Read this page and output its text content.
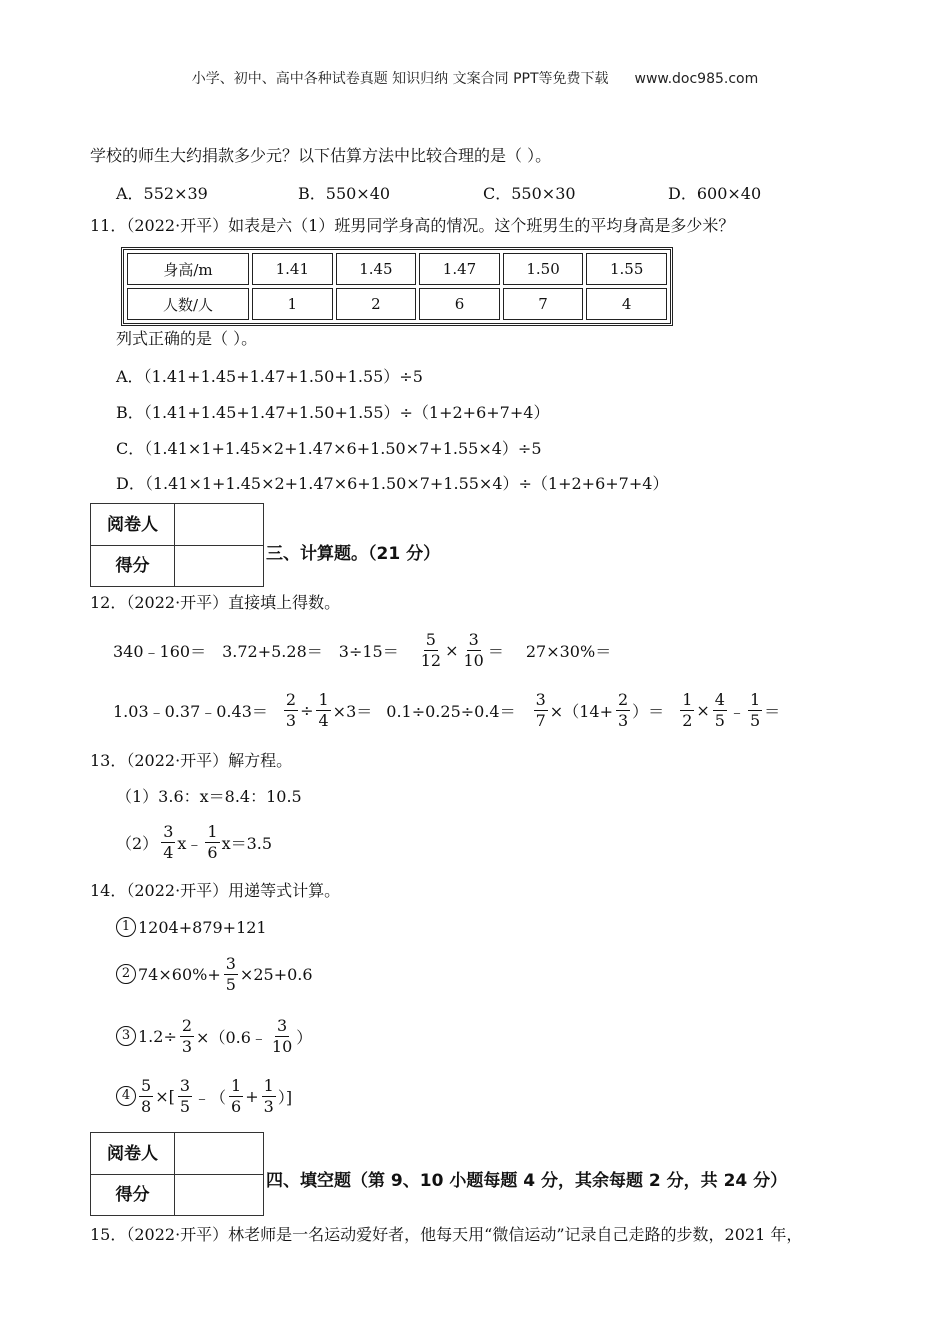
小学、初中、高中各种试卷真题 知识归纳 文案合同 PPT等免费下载 www.doc985.com
学校的师生大约捐款多少元？以下估算方法中比较合理的是（ ）。
A．552×39	B．550×40	C．550×30	D．600×40
11．（2022·开平）如表是六（1）班男同学身高的情况。这个班男生的平均身高是多少米？
身高/m	1.41	1.45	1.47	1.50	1.55
人数/人	1	2	6	7	4
列式正确的是（ ）。
A．（1.41+1.45+1.47+1.50+1.55）÷5
B．（1.41+1.45+1.47+1.50+1.55）÷（1+2+6+7+4）
C．（1.41×1+1.45×2+1.47×6+1.50×7+1.55×4）÷5
D．（1.41×1+1.45×2+1.47×6+1.50×7+1.55×4）÷（1+2+6+7+4）
阅卷人
得分
三、计算题。（21 分）
12．（2022·开平）直接填上得数。
340﹣160＝ $3.72+5.28= 3\div 15= \frac{5}{12} \times \frac{3}{10} = 27\times 30\%=$
1.03﹣0.37﹣0.43＝ $\frac{2}{3} \div \frac{1}{4} \times 3= 0.1\div 0.25\div 0.4= \frac{3}{7} \times(14+ \frac{2}{3}$ ）＝ $\frac{1}{2} \times \frac{4}{5}$ ﹣ $\frac{1}{5}$ ＝
13．（2022·开平）解方程。
（1）3.6：x＝8.4：10.5
$(2) \frac{3}{4}$ x﹣ $\frac{1}{6} x=3.5$
14．（2022·开平）用递等式计算。
1 1204+879+121
2 $74\times 60\%+ \frac{3}{5} \times 25+0.6$
3 $1.2\div \frac{2}{3}$ ×（0.6﹣ $\frac{3}{10}$ ）
$4 \frac{5}{8}$ ×[ $\frac{3}{5}$ ﹣（ $\frac{1}{6} + \frac{1}{3}$ ）]
阅卷人
得分
四、填空题（第 9、10 小题每题 4 分，其余每题 2 分，共 24 分）
15．（2022·开平）林老师是一名运动爱好者，他每天用“微信运动”记录自己走路的步数，2021 年，
